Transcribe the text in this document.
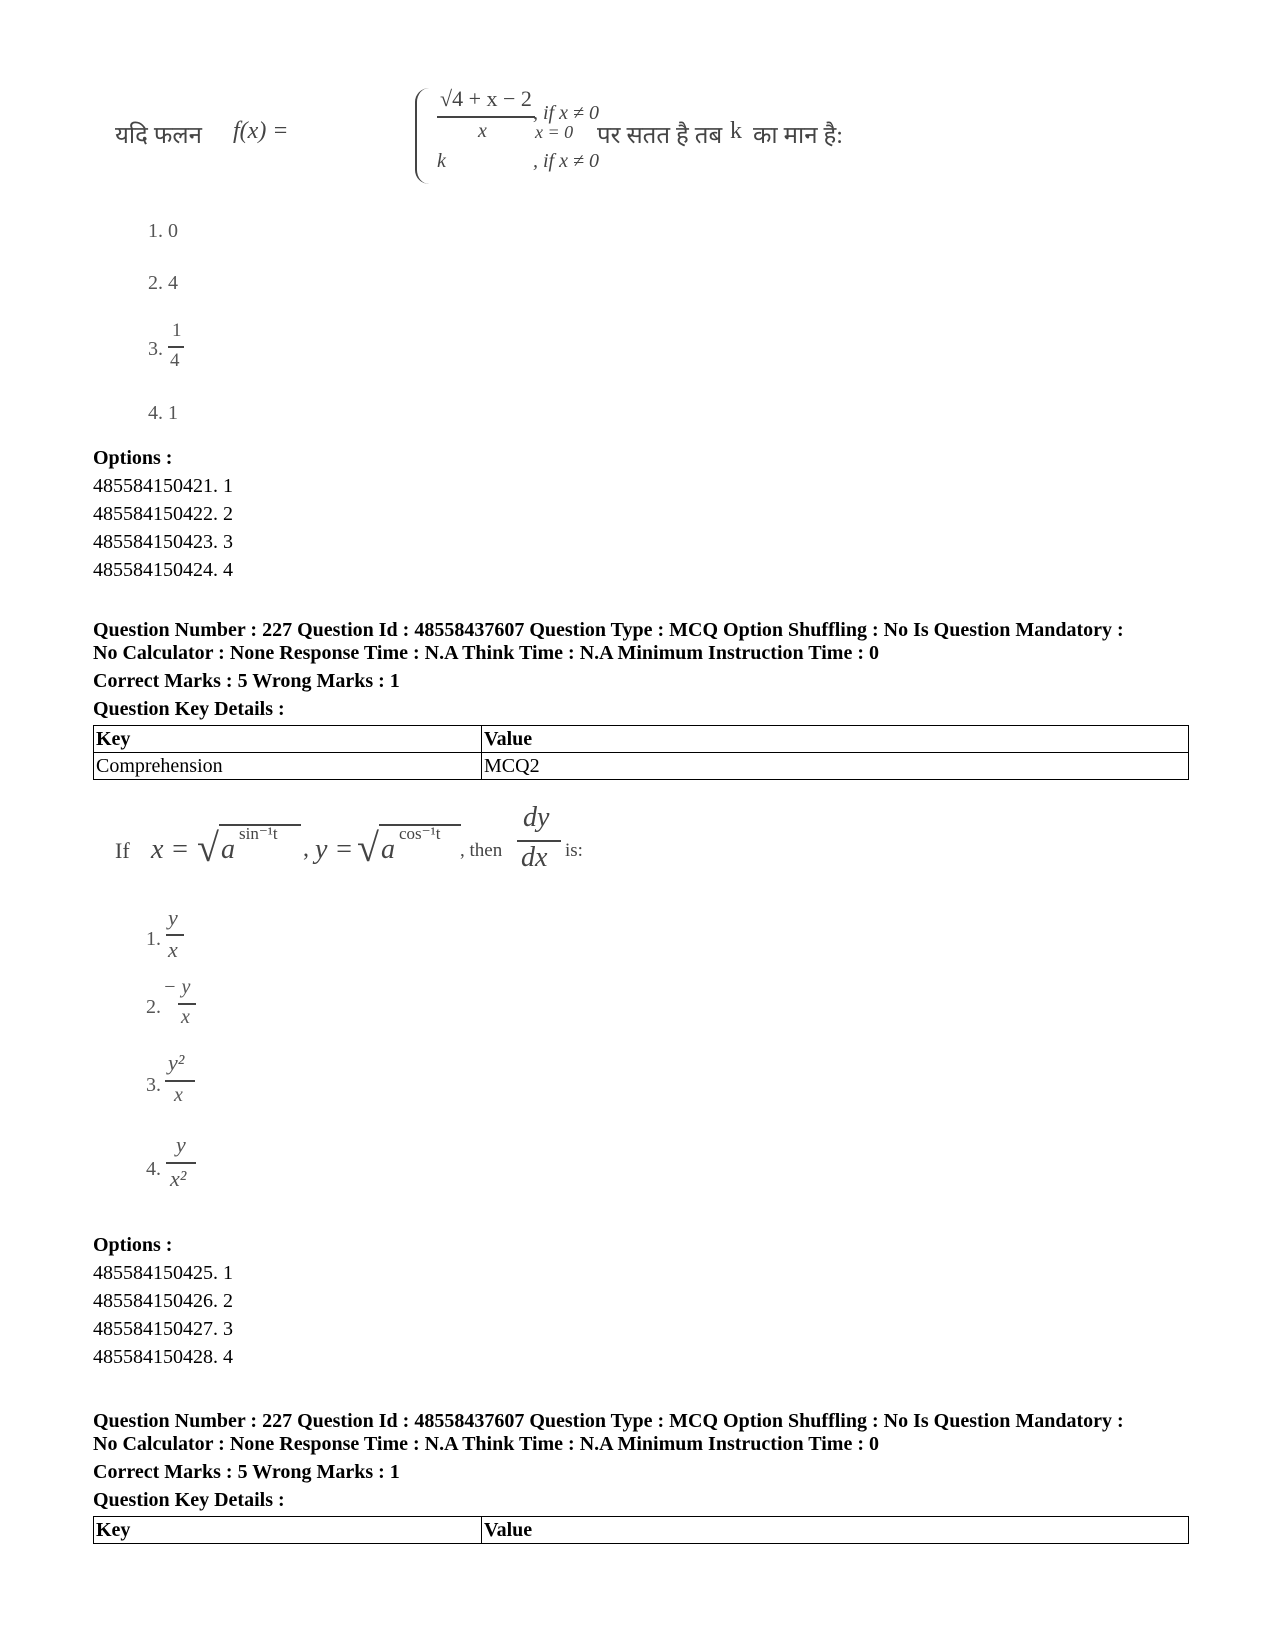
यदि फलन f(x) =
√4 + x − 2
x
, if x ≠ 0
k	, if x ≠ 0
x = 0 पर सतत है तब k का मान है:
1. 0
2. 4
3.
1
4
4. 1
Options :
485584150421. 1
485584150422. 2
485584150423. 3
485584150424. 4
Question Number : 227 Question Id : 48558437607 Question Type : MCQ Option Shuffling : No Is Question Mandatory :
No Calculator : None Response Time : N.A Think Time : N.A Minimum Instruction Time : 0
Correct Marks : 5 Wrong Marks : 1
Question Key Details :
Key	Value
Comprehension	MCQ2
If x = √ a
sin⁻¹t
, y = √ a
cos⁻¹t
, then
dy
dx is:
1.
y
x
2.
− y
x
3.
y²
x
4.
y
x²
Options :
485584150425. 1
485584150426. 2
485584150427. 3
485584150428. 4
Question Number : 227 Question Id : 48558437607 Question Type : MCQ Option Shuffling : No Is Question Mandatory :
No Calculator : None Response Time : N.A Think Time : N.A Minimum Instruction Time : 0
Correct Marks : 5 Wrong Marks : 1
Question Key Details :
Key	Value
